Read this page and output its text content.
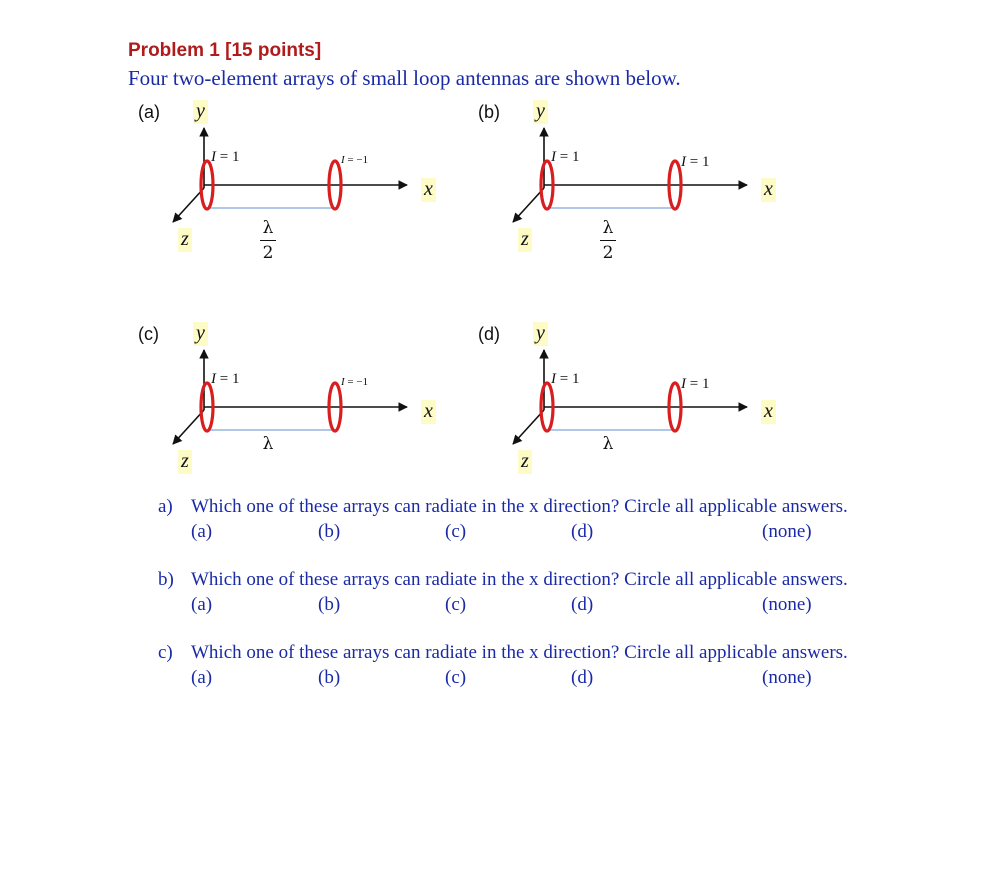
Problem 1 [15 points]

Four two-element arrays of small loop antennas are shown below.

(a) y
x
z
I = 1	I = −1
λ
2
(b) y
x
z
I = 1	I = 1
λ
2
(c) y
x
z
I = 1	I = −1
λ
(d) y
x
z
I = 1	I = 1
λ
a) Which one of these arrays can radiate in the x direction? Circle all applicable answers.
(a)	(b)	(c)	(d)	(none)
b) Which one of these arrays can radiate in the x direction? Circle all applicable answers.
(a)	(b)	(c)	(d)	(none)
c) Which one of these arrays can radiate in the x direction? Circle all applicable answers.
(a)	(b)	(c)	(d)	(none)
